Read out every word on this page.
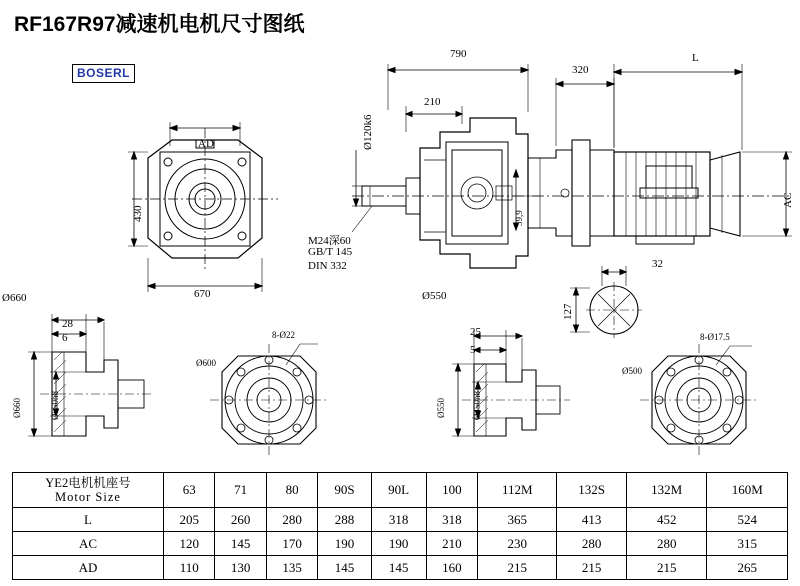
RF167R97减速机电机尺寸图纸
BOSERL
AD
430
670
790
320
L
210
Ø120k6
59,9
AC
M24深60
GB/T 145
DIN 332
Ø550
32
127
Ø660
28
6
Ø660	Ø550h8
Ø600
8-Ø22	25
5
Ø550	Ø450h8
Ø500
8-Ø17.5
YE2电机机座号
Motor Size	63	71	80	90S	90L	100	112M	132S	132M	160M
L	205	260	280	288	318	318	365	413	452	524
AC	120	145	170	190	190	210	230	280	280	315
AD	110	130	135	145	145	160	215	215	215	265
